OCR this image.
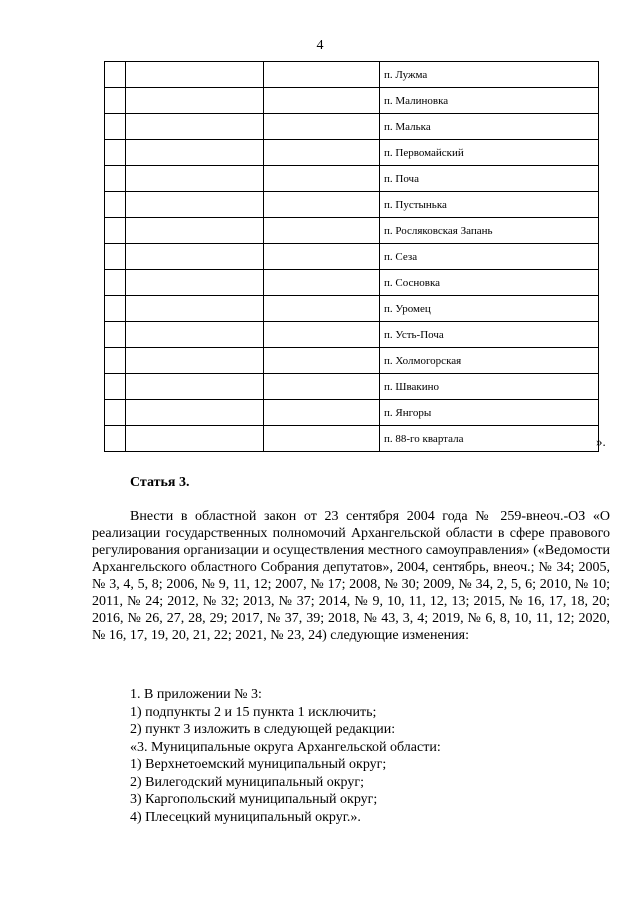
4
			п. Лужма
			п. Малиновка
			п. Малька
			п. Первомайский
			п. Поча
			п. Пустынька
			п. Росляковская Запань
			п. Сеза
			п. Сосновка
			п. Уромец
			п. Усть-Поча
			п. Холмогорская
			п. Швакино
			п. Янгоры
			п. 88-го квартала	».
Статья 3.
Внести в областной закон от 23 сентября 2004 года № 259-внеоч.-ОЗ «О реализации государственных полномочий Архангельской области в сфере правового регулирования организации и осуществления местного самоуправления» («Ведомости Архангельского областного Собрания депутатов», 2004, сентябрь, внеоч.; № 34; 2005, № 3, 4, 5, 8; 2006, № 9, 11, 12; 2007, № 17; 2008, № 30; 2009, № 34, 2, 5, 6; 2010, № 10; 2011, № 24; 2012, № 32; 2013, № 37; 2014, № 9, 10, 11, 12, 13; 2015, № 16, 17, 18, 20; 2016, № 26, 27, 28, 29; 2017, № 37, 39; 2018, № 43, 3, 4; 2019, № 6, 8, 10, 11, 12; 2020, № 16, 17, 19, 20, 21, 22; 2021, № 23, 24) следующие изменения:
1. В приложении № 3:
1) подпункты 2 и 15 пункта 1 исключить;
2) пункт 3 изложить в следующей редакции:
«3. Муниципальные округа Архангельской области:
1) Верхнетоемский муниципальный округ;
2) Вилегодский муниципальный округ;
3) Каргопольский муниципальный округ;
4) Плесецкий муниципальный округ.».
